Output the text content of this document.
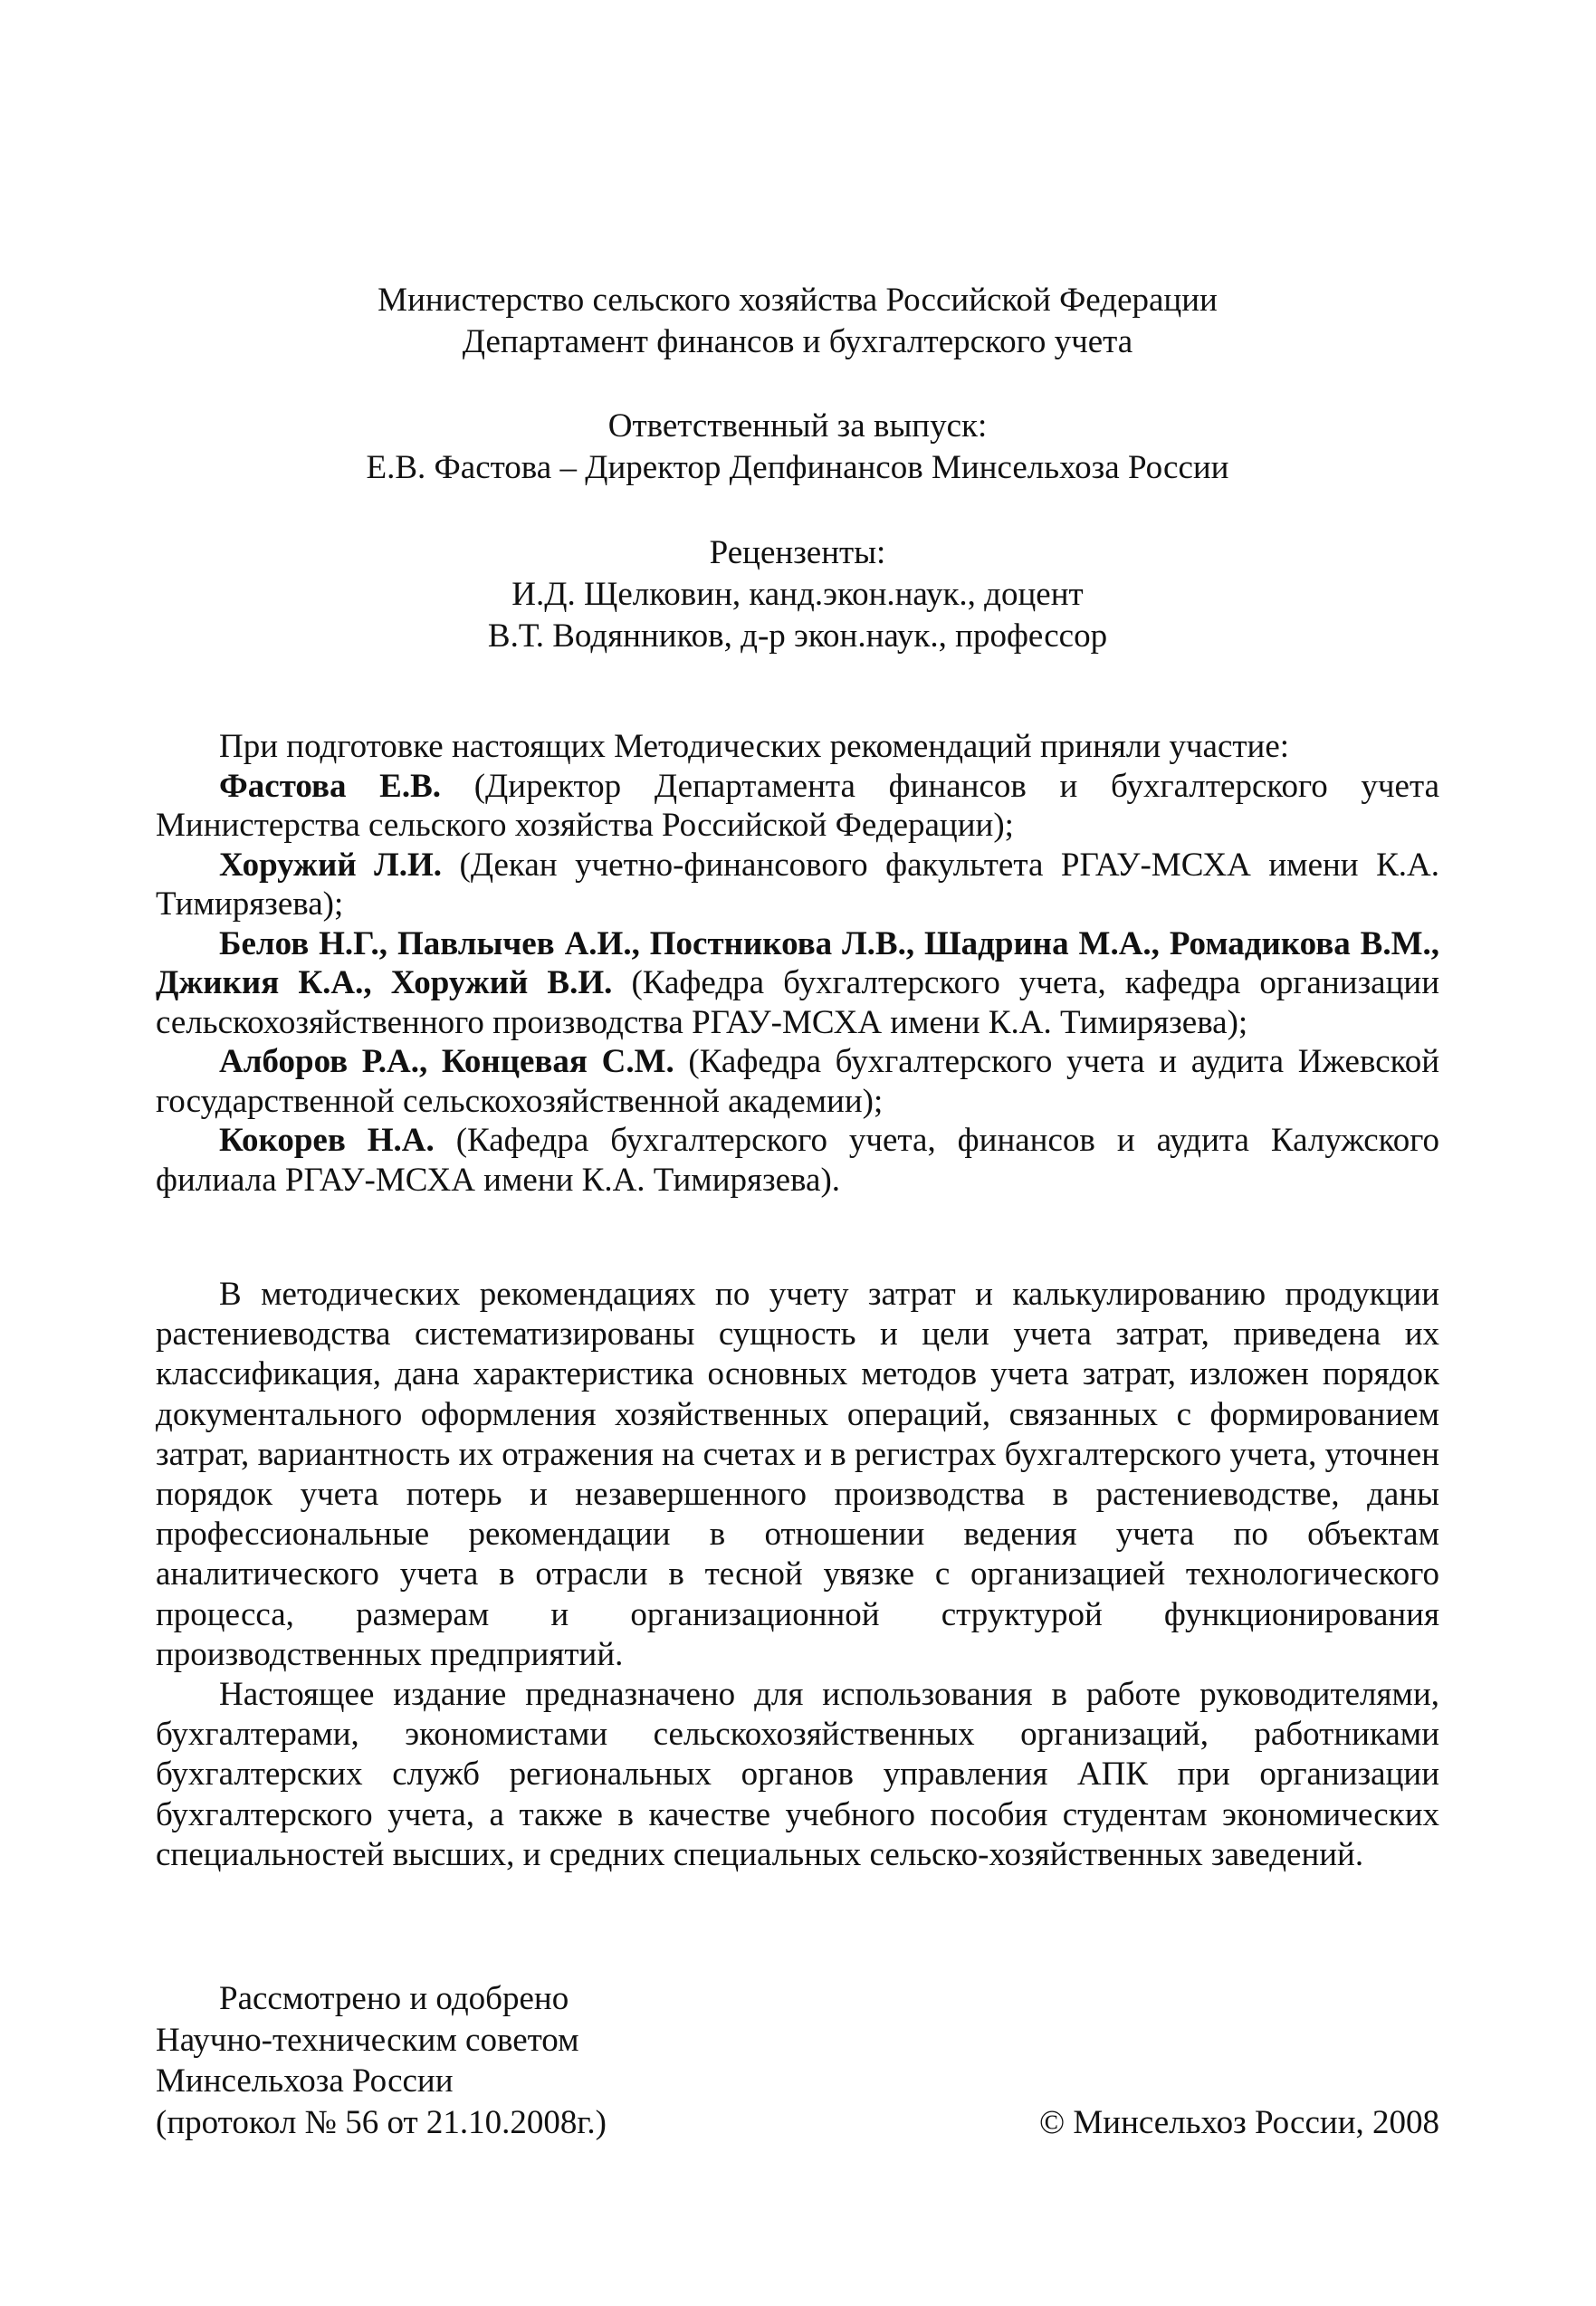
Министерство сельского хозяйства Российской Федерации
Департамент финансов и бухгалтерского учета
Ответственный за выпуск:
Е.В. Фастова – Директор Депфинансов Минсельхоза России
Рецензенты:
И.Д. Щелковин, канд.экон.наук., доцент
В.Т. Водянников, д-р экон.наук., профессор

При подготовке настоящих Методических рекомендаций приняли участие:

Фастова Е.В. (Директор Департамента финансов и бухгалтерского учета Министерства сельского хозяйства Российской Федерации);

Хоружий Л.И. (Декан учетно-финансового факультета РГАУ-МСХА имени К.А. Тимирязева);

Белов Н.Г., Павлычев А.И., Постникова Л.В., Шадрина М.А., Ромадикова В.М., Джикия К.А., Хоружий В.И. (Кафедра бухгалтерского учета, кафедра организации сельскохозяйственного производства РГАУ-МСХА имени К.А. Тимирязева);

Алборов Р.А., Концевая С.М. (Кафедра бухгалтерского учета и аудита Ижевской государственной сельскохозяйственной академии);

Кокорев Н.А. (Кафедра бухгалтерского учета, финансов и аудита Калужского филиала РГАУ-МСХА имени К.А. Тимирязева).

В методических рекомендациях по учету затрат и калькулированию продукции растениеводства систематизированы сущность и цели учета затрат, приведена их классификация, дана характеристика основных методов учета затрат, изложен порядок документального оформления хозяйственных операций, связанных с формированием затрат, вариантность их отражения на счетах и в регистрах бухгалтерского учета, уточнен порядок учета потерь и незавершенного производства в растениеводстве, даны профессиональные рекомендации в отношении ведения учета по объектам аналитического учета в отрасли в тесной увязке с организацией технологического процесса, размерам и организационной структурой функционирования производственных предприятий.

Настоящее издание предназначено для использования в работе руководителями, бухгалтерами, экономистами сельскохозяйственных организаций, работниками бухгалтерских служб региональных органов управления АПК при организации бухгалтерского учета, а также в качестве учебного пособия студентам экономических специальностей высших, и средних специальных сельско-хозяйственных заведений.

Рассмотрено и одобрено
Научно-техническим советом
Минсельхоза России
(протокол № 56 от 21.10.2008г.)	© Минсельхоз России, 2008
